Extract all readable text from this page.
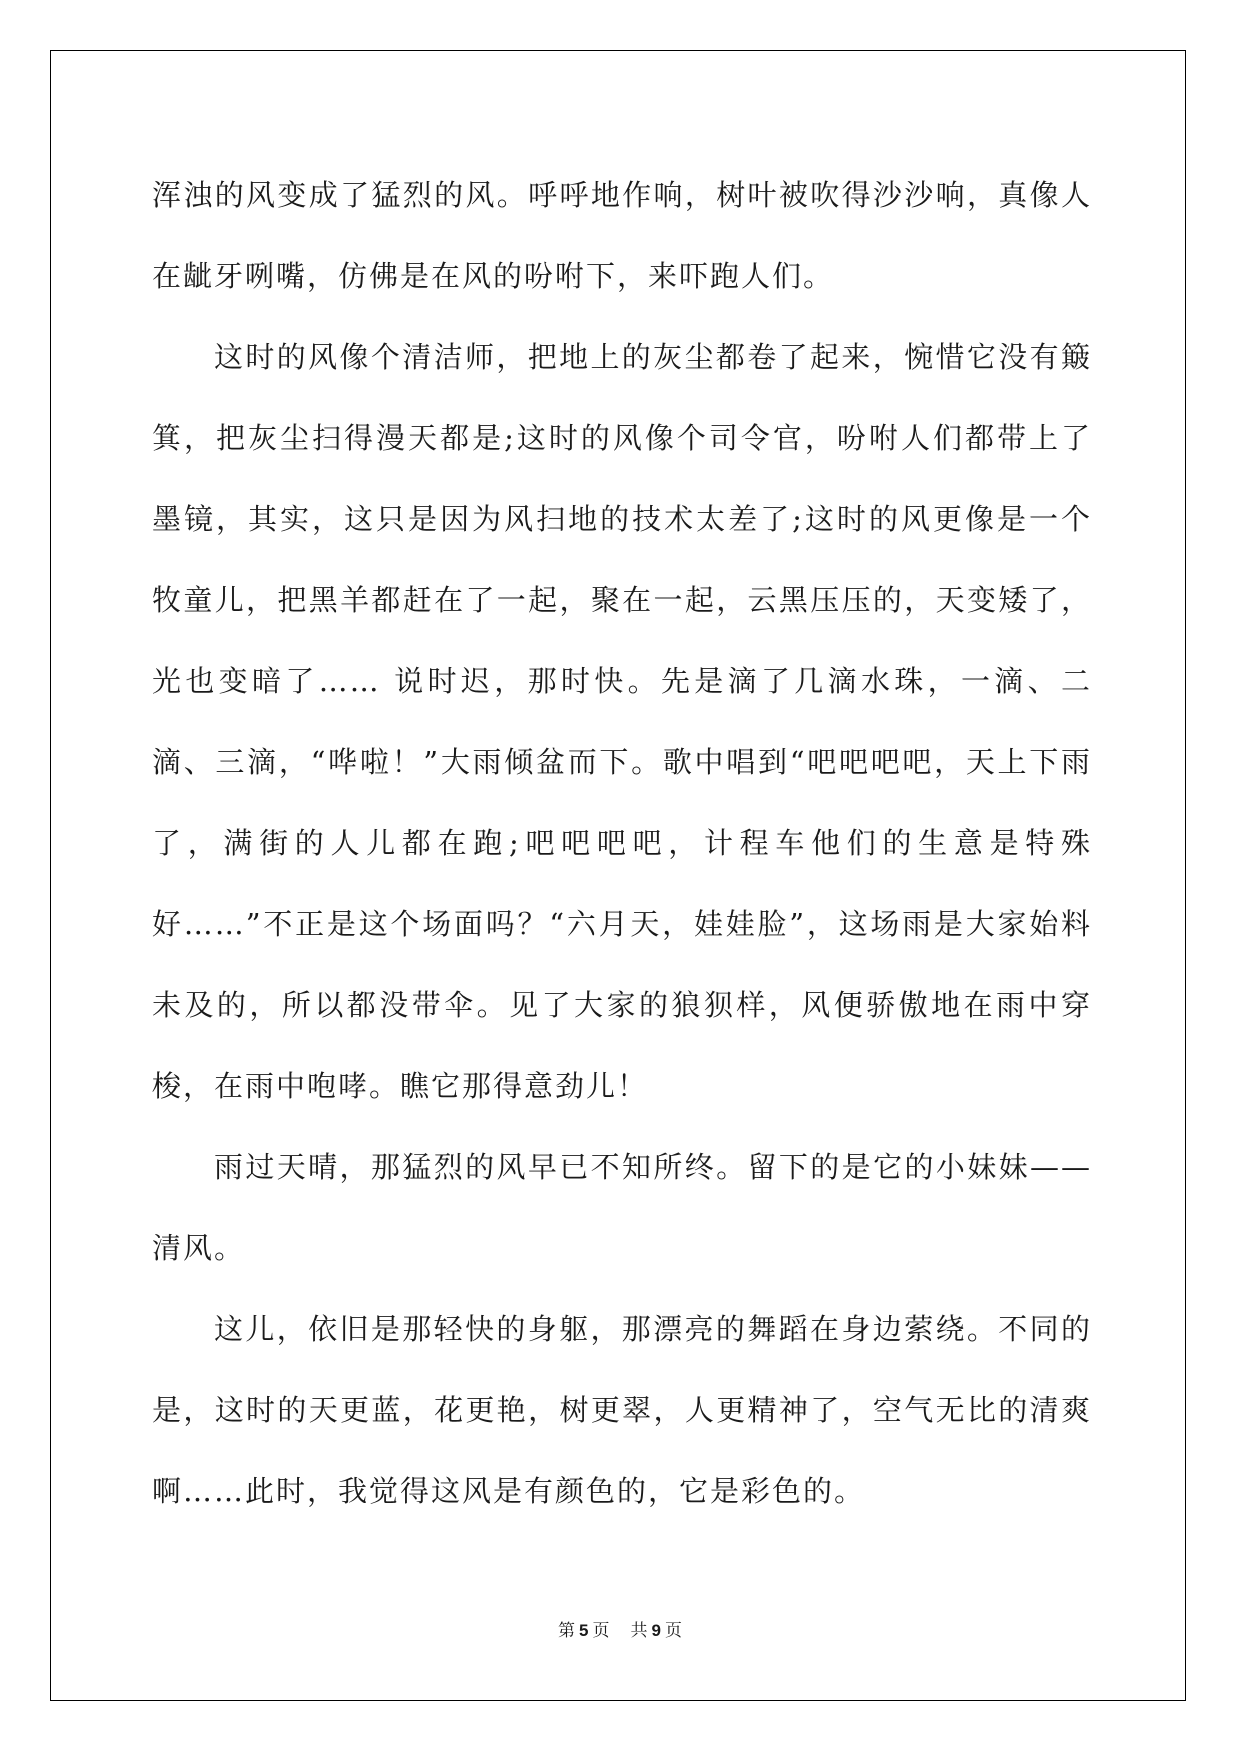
浑浊的风变成了猛烈的风。呼呼地作响，树叶被吹得沙沙响，真像人在龇牙咧嘴，仿佛是在风的吩咐下，来吓跑人们。

这时的风像个清洁师，把地上的灰尘都卷了起来，惋惜它没有簸箕，把灰尘扫得漫天都是;这时的风像个司令官，吩咐人们都带上了墨镜，其实，这只是因为风扫地的技术太差了;这时的风更像是一个牧童儿，把黑羊都赶在了一起，聚在一起，云黑压压的，天变矮了，光也变暗了…… 说时迟，那时快。先是滴了几滴水珠，一滴、二滴、三滴，“哗啦！”大雨倾盆而下。歌中唱到“吧吧吧吧，天上下雨了，满街的人儿都在跑;吧吧吧吧，计程车他们的生意是特殊好……”不正是这个场面吗？“六月天，娃娃脸”，这场雨是大家始料未及的，所以都没带伞。见了大家的狼狈样，风便骄傲地在雨中穿梭，在雨中咆哮。瞧它那得意劲儿！

雨过天晴，那猛烈的风早已不知所终。留下的是它的小妹妹——清风。

这儿，依旧是那轻快的身躯，那漂亮的舞蹈在身边萦绕。不同的是，这时的天更蓝，花更艳，树更翠，人更精神了，空气无比的清爽啊……此时，我觉得这风是有颜色的，它是彩色的。

第 5 页 共 9 页
